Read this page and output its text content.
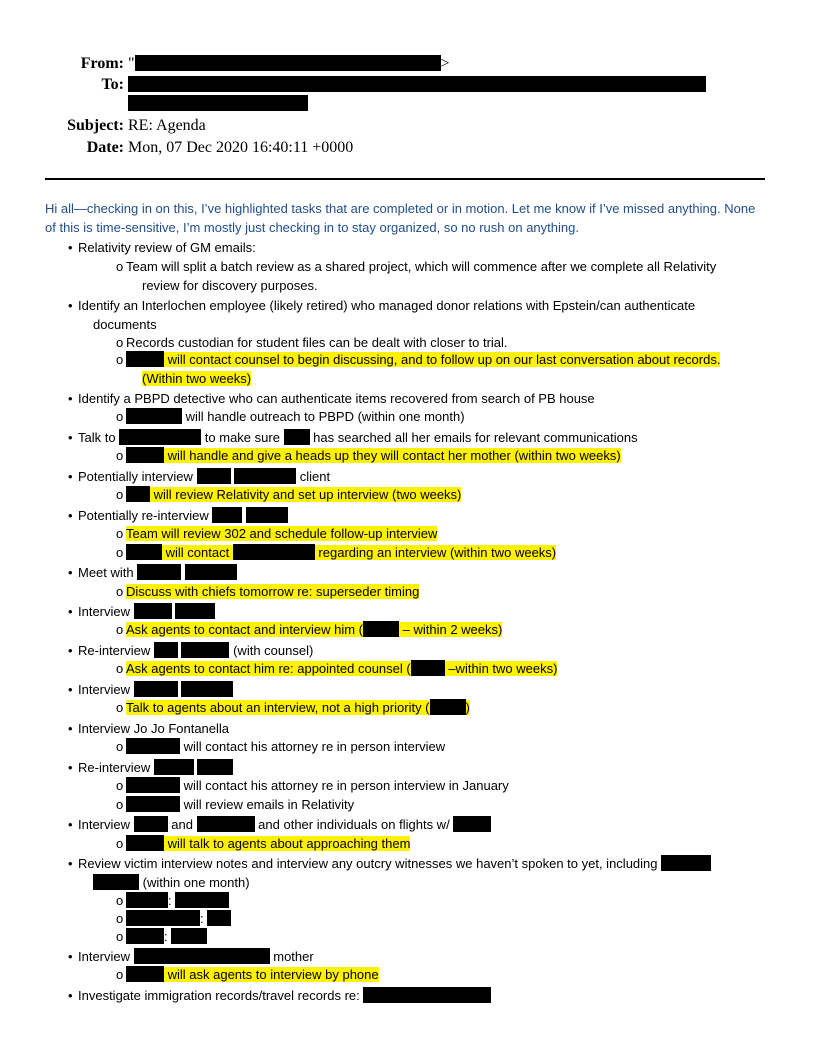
From: "	>
To:
Subject: RE: Agenda
Date: Mon, 07 Dec 2020 16:40:11 +0000
Hi all—checking in on this, I’ve highlighted tasks that are completed or in motion. Let me know if I’ve missed anything. None of this is time-sensitive, I’m mostly just checking in to stay organized, so no rush on anything.
• Relativity review of GM emails:
o Team will split a batch review as a shared project, which will commence after we complete all Relativity
review for discovery purposes.
• Identify an Interlochen employee (likely retired) who managed donor relations with Epstein/can authenticate
documents
o Records custodian for student files can be dealt with closer to trial.
o	will contact counsel to begin discussing, and to follow up on our last conversation about records.
(Within two weeks)
• Identify a PBPD detective who can authenticate items recovered from search of PB house
o	will handle outreach to PBPD (within one month)
• Talk to	to make sure  has searched all her emails for relevant communications
o	will handle and give a heads up they will contact her mother (within two weeks)
• Potentially interview	client
o will review Relativity and set up interview (two weeks)
• Potentially re-interview
o Team will review 302 and schedule follow-up interview
o	will contact	regarding an interview (within two weeks)
• Meet with
o Discuss with chiefs tomorrow re: superseder timing
• Interview
o Ask agents to contact and interview him (	– within 2 weeks)
• Re-interview	(with counsel)
o Ask agents to contact him re: appointed counsel (	–within two weeks)
• Interview
o Talk to agents about an interview, not a high priority (	)
• Interview Jo Jo Fontanella
o	will contact his attorney re in person interview
• Re-interview
o	will contact his attorney re in person interview in January
o	will review emails in Relativity
• Interview	and	and other individuals on flights w/
o	will talk to agents about approaching them
• Review victim interview notes and interview any outcry witnesses we haven’t spoken to yet, including
(within one month)
o	:
o	:
o	:
• Interview	mother
o	will ask agents to interview by phone
• Investigate immigration records/travel records re:
